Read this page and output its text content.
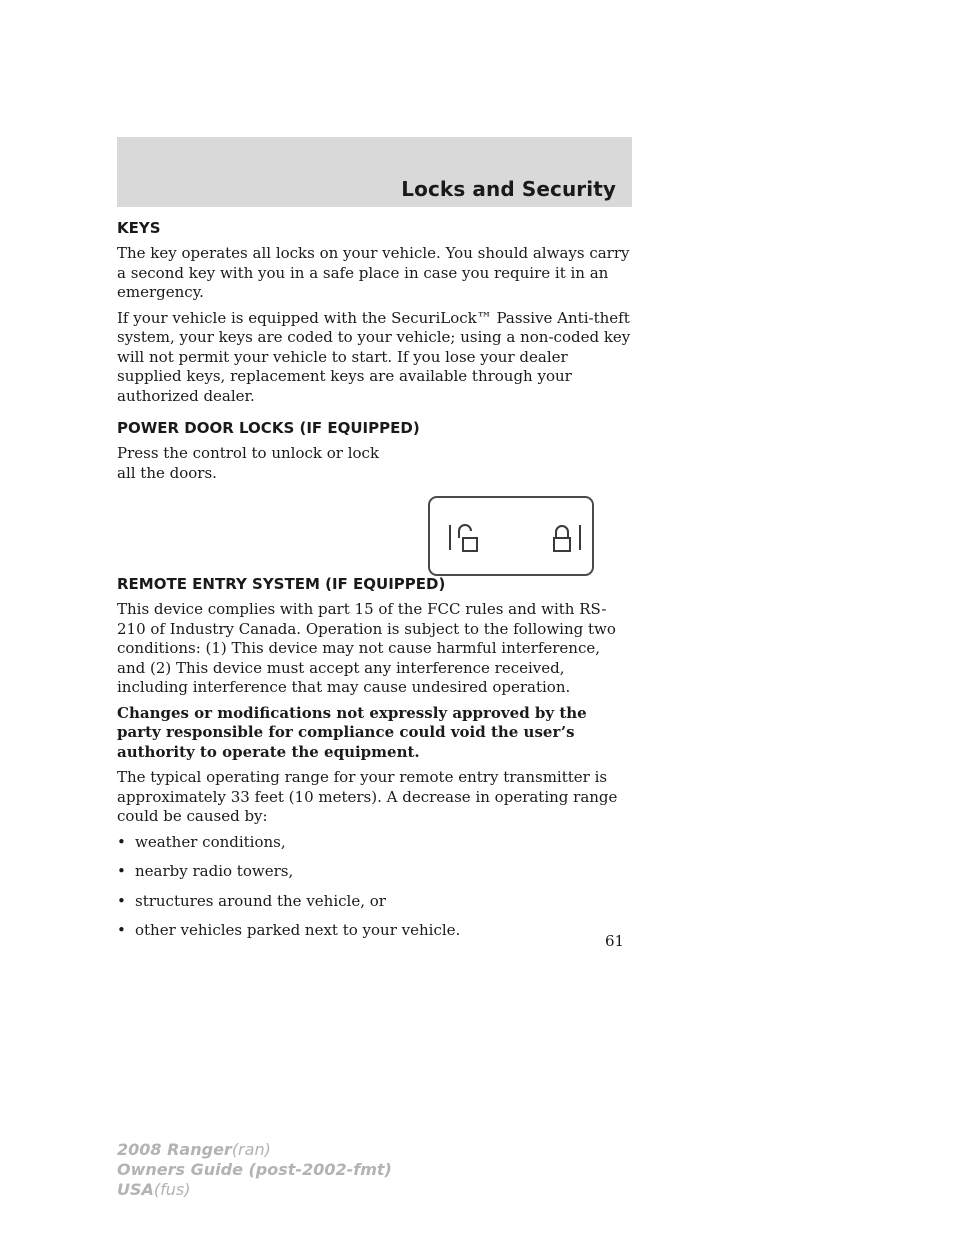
Locks and Security
KEYS

The key operates all locks on your vehicle. You should always carry a second key with you in a safe place in case you require it in an emergency.

If your vehicle is equipped with the SecuriLock™ Passive Anti-theft system, your keys are coded to your vehicle; using a non-coded key will not permit your vehicle to start. If you lose your dealer supplied keys, replacement keys are available through your authorized dealer.

POWER DOOR LOCKS (IF EQUIPPED)

Press the control to unlock or lock all the doors.

REMOTE ENTRY SYSTEM (IF EQUIPPED)

This device complies with part 15 of the FCC rules and with RS-210 of Industry Canada. Operation is subject to the following two conditions: (1) This device may not cause harmful interference, and (2) This device must accept any interference received, including interference that may cause undesired operation.

Changes or modifications not expressly approved by the party responsible for compliance could void the user’s authority to operate the equipment.

The typical operating range for your remote entry transmitter is approximately 33 feet (10 meters). A decrease in operating range could be caused by:

• weather conditions,
• nearby radio towers,
• structures around the vehicle, or
• other vehicles parked next to your vehicle.
61
2008 Ranger(ran)
Owners Guide (post-2002-fmt)
USA(fus)
